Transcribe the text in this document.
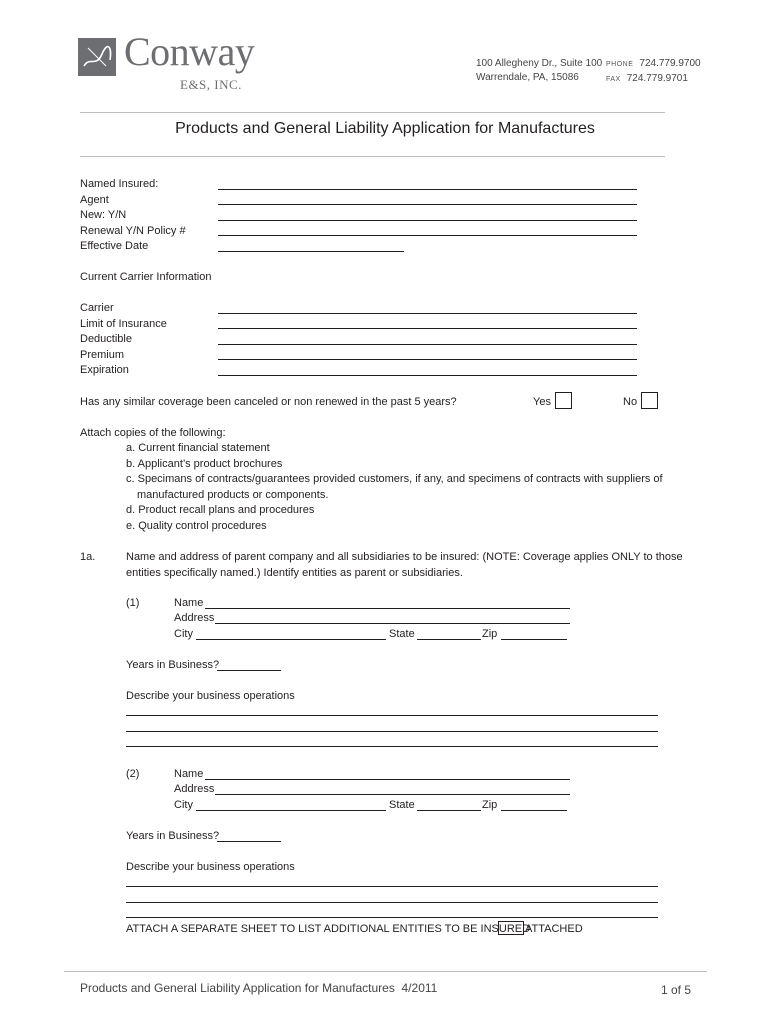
Conway
E&S, INC.
100 Allegheny Dr., Suite 100
Warrendale, PA, 15086
PHONE 724.779.9700
FAX 724.779.9701
Products and General Liability Application for Manufactures
Named Insured:
Agent
New: Y/N
Renewal Y/N Policy #
Effective Date
Current Carrier Information
Carrier
Limit of Insurance
Deductible
Premium
Expiration
Has any similar coverage been canceled or non renewed in the past 5 years?	Yes	No
Attach copies of the following:
a. Current financial statement
b. Applicant’s product brochures
c. Specimans of contracts/guarantees provided customers, if any, and specimens of contracts with suppliers of
manufactured products or components.
d. Product recall plans and procedures
e. Quality control procedures
1a.	Name and address of parent company and all subsidiaries to be insured: (NOTE: Coverage applies ONLY to those
entities specifically named.) Identify entities as parent or subsidiaries.
(1)	Name
Address
City	State	Zip
Years in Business?
Describe your business operations
(2)	Name
Address
City	State	Zip
Years in Business?
Describe your business operations
ATTACH A SEPARATE SHEET TO LIST ADDITIONAL ENTITIES TO BE INSURED
ATTACHED
Products and General Liability Application for Manufactures  4/2011	1 of 5
